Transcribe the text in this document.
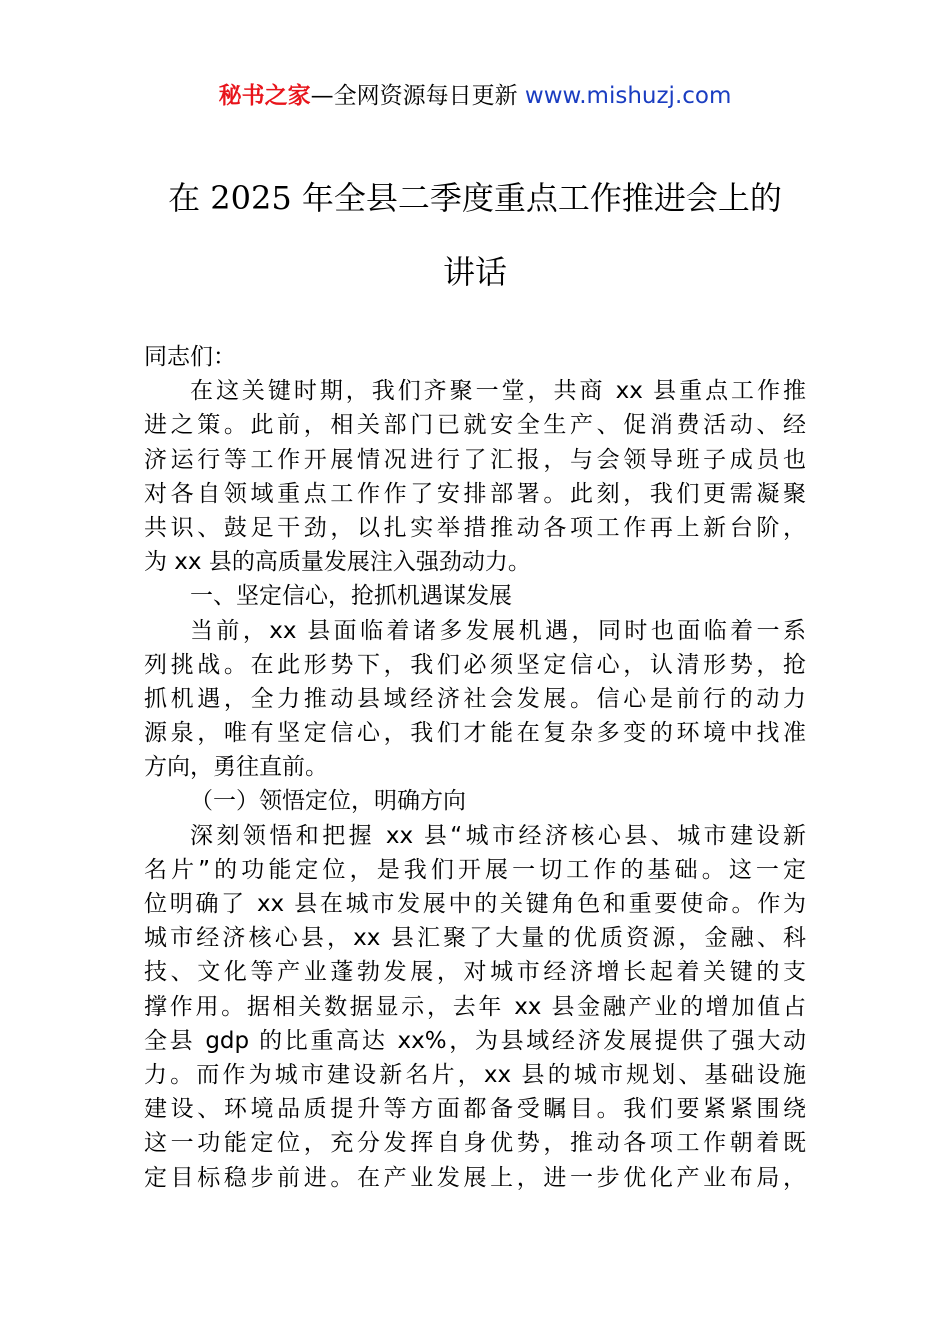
秘书之家—全网资源每日更新 www.mishuzj.com
在 2025 年全县二季度重点工作推进会上的
讲话
同志们：
在这关键时期，我们齐聚一堂，共商 xx 县重点工作推
进之策。此前，相关部门已就安全生产、促消费活动、经
济运行等工作开展情况进行了汇报，与会领导班子成员也
对各自领域重点工作作了安排部署。此刻，我们更需凝聚
共识、鼓足干劲，以扎实举措推动各项工作再上新台阶，
为 xx 县的高质量发展注入强劲动力。
一、坚定信心，抢抓机遇谋发展
当前，xx 县面临着诸多发展机遇，同时也面临着一系
列挑战。在此形势下，我们必须坚定信心，认清形势，抢
抓机遇，全力推动县域经济社会发展。信心是前行的动力
源泉，唯有坚定信心，我们才能在复杂多变的环境中找准
方向，勇往直前。
（一）领悟定位，明确方向
深刻领悟和把握 xx 县“城市经济核心县、城市建设新
名片”的功能定位，是我们开展一切工作的基础。这一定
位明确了 xx 县在城市发展中的关键角色和重要使命。作为
城市经济核心县，xx 县汇聚了大量的优质资源，金融、科
技、文化等产业蓬勃发展，对城市经济增长起着关键的支
撑作用。据相关数据显示，去年 xx 县金融产业的增加值占
全县 gdp 的比重高达 xx%，为县域经济发展提供了强大动
力。而作为城市建设新名片，xx 县的城市规划、基础设施
建设、环境品质提升等方面都备受瞩目。我们要紧紧围绕
这一功能定位，充分发挥自身优势，推动各项工作朝着既
定目标稳步前进。在产业发展上，进一步优化产业布局，
